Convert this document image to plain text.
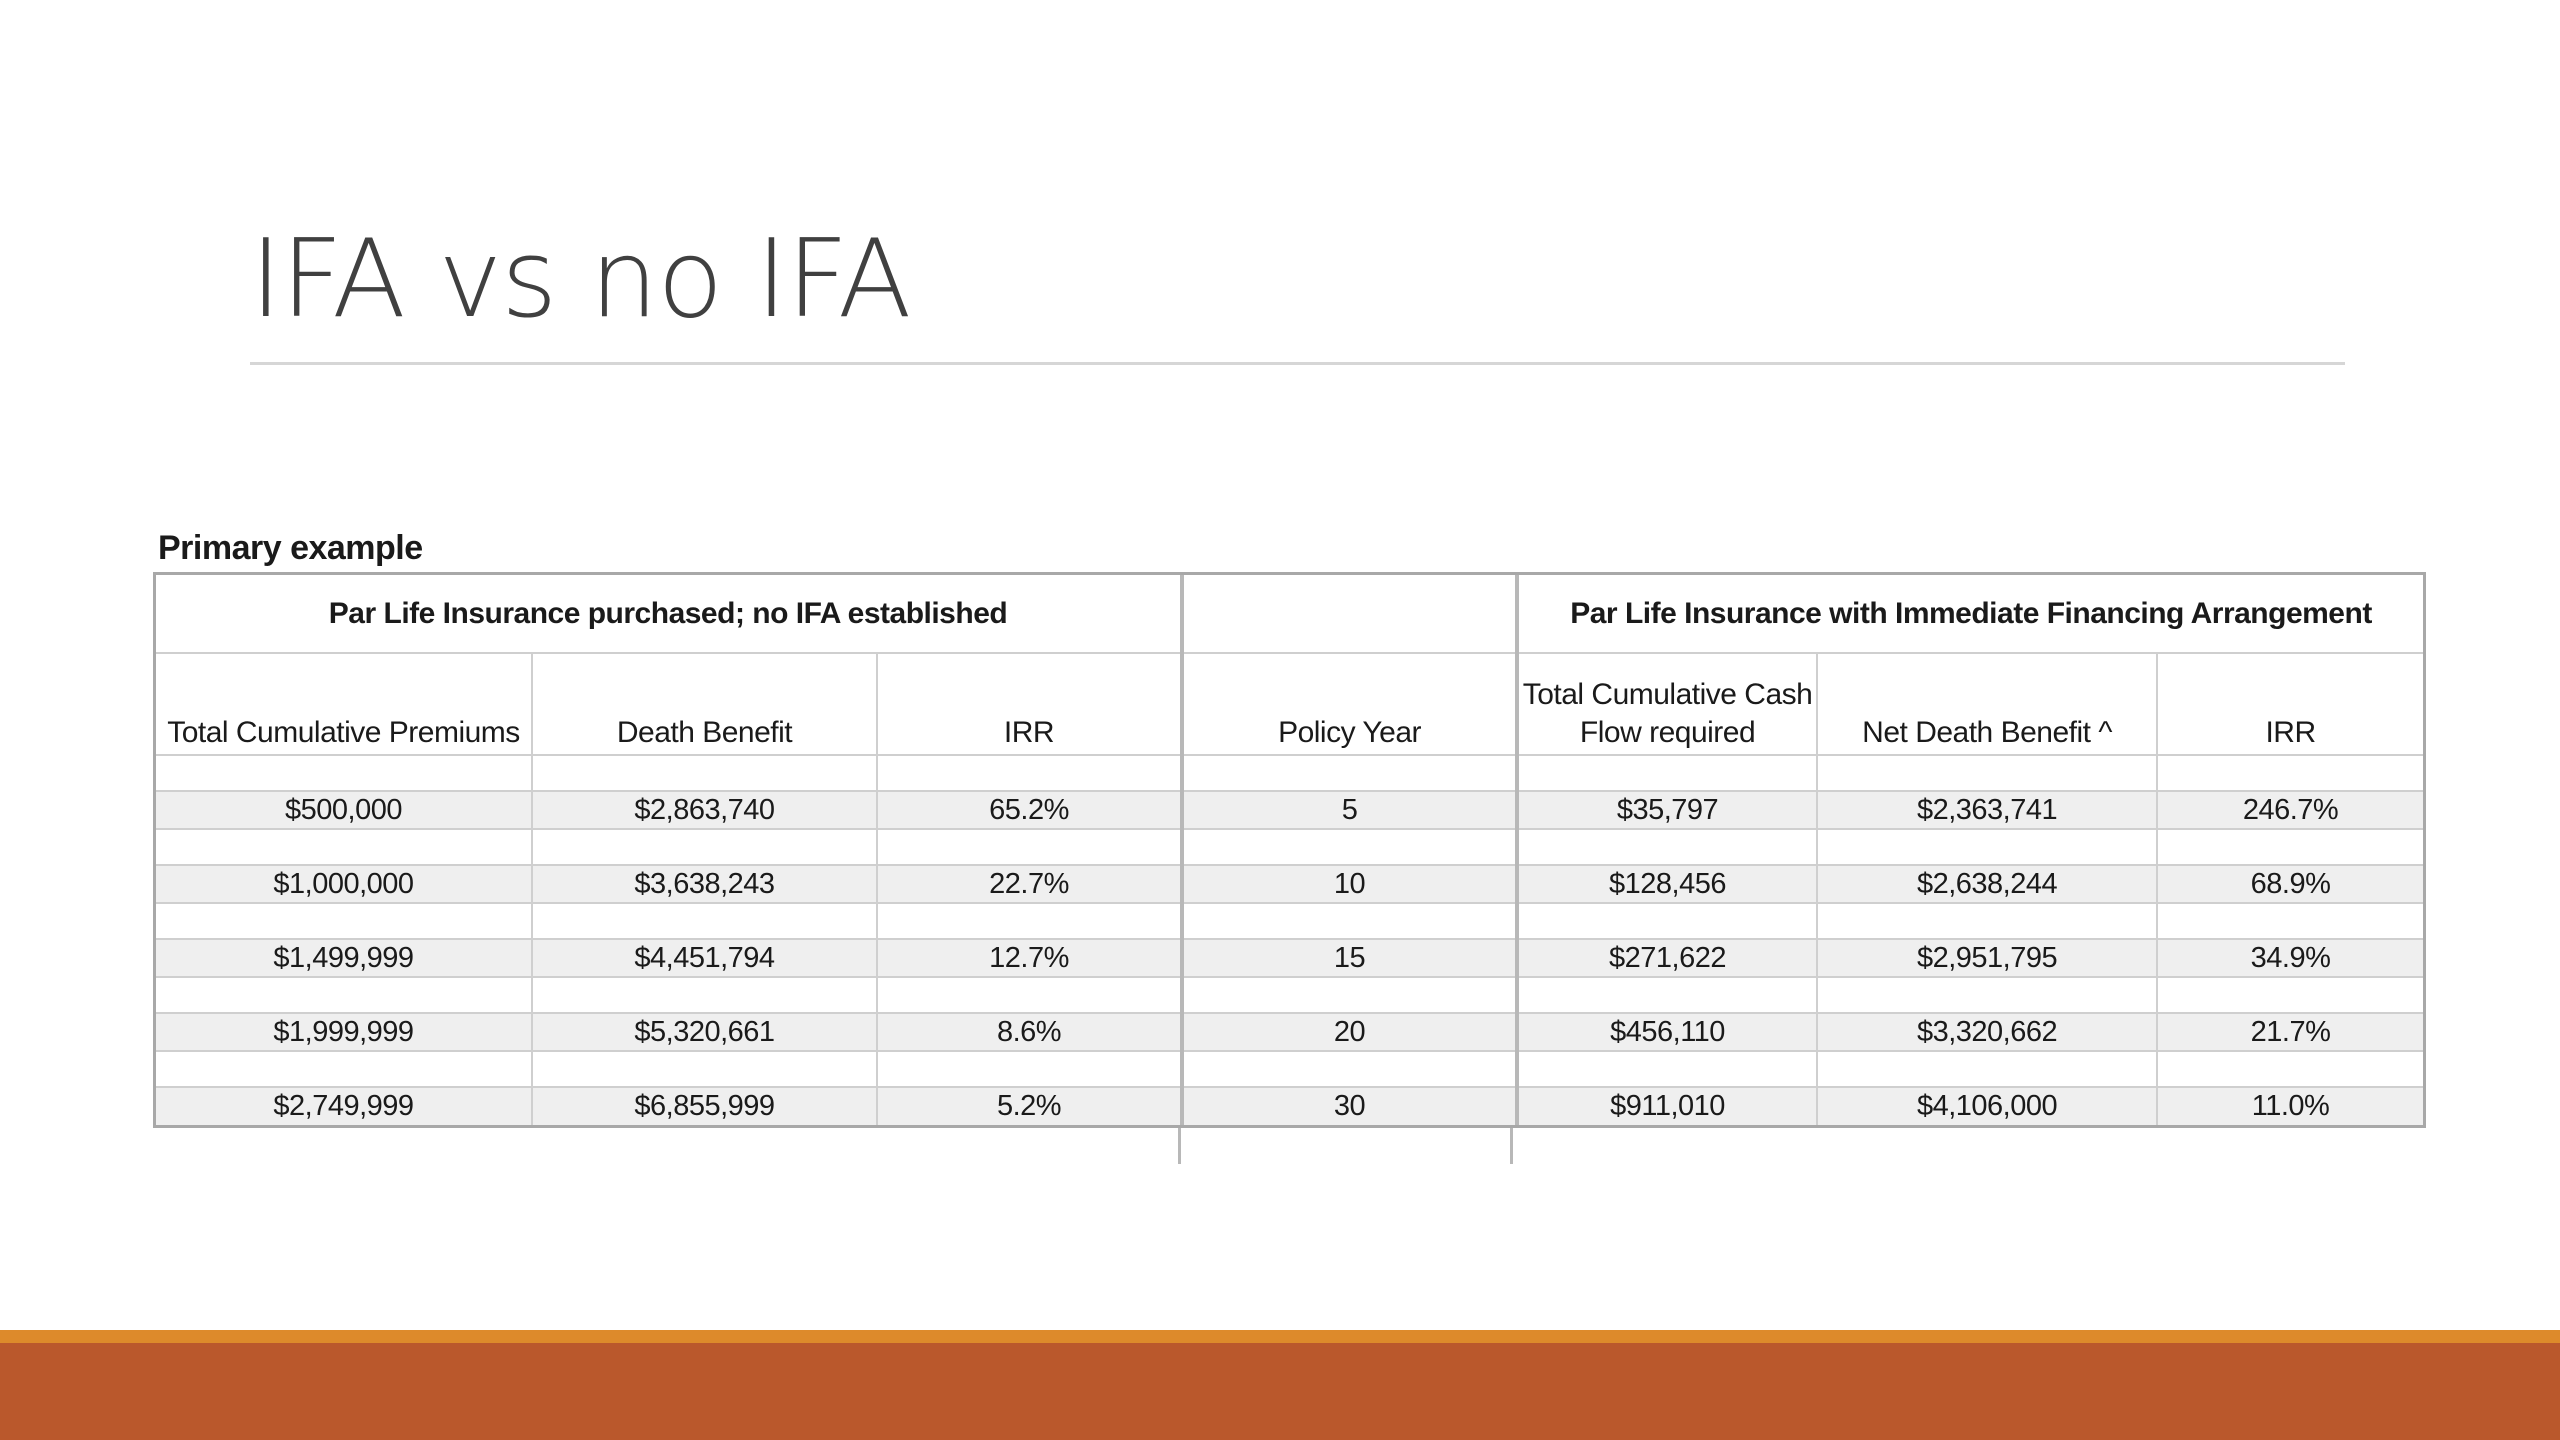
IFA vs no IFA
Primary example
Par Life Insurance purchased; no IFA established				Par Life Insurance with Immediate Financing Arrangement		
Total Cumulative Premiums	Death Benefit	IRR	Policy Year	Total Cumulative Cash Flow required	Net Death Benefit ^	IRR

$500,000	$2,863,740	65.2%	5	$35,797	$2,363,741	246.7%

$1,000,000	$3,638,243	22.7%	10	$128,456	$2,638,244	68.9%

$1,499,999	$4,451,794	12.7%	15	$271,622	$2,951,795	34.9%

$1,999,999	$5,320,661	8.6%	20	$456,110	$3,320,662	21.7%

$2,749,999	$6,855,999	5.2%	30	$911,010	$4,106,000	11.0%
